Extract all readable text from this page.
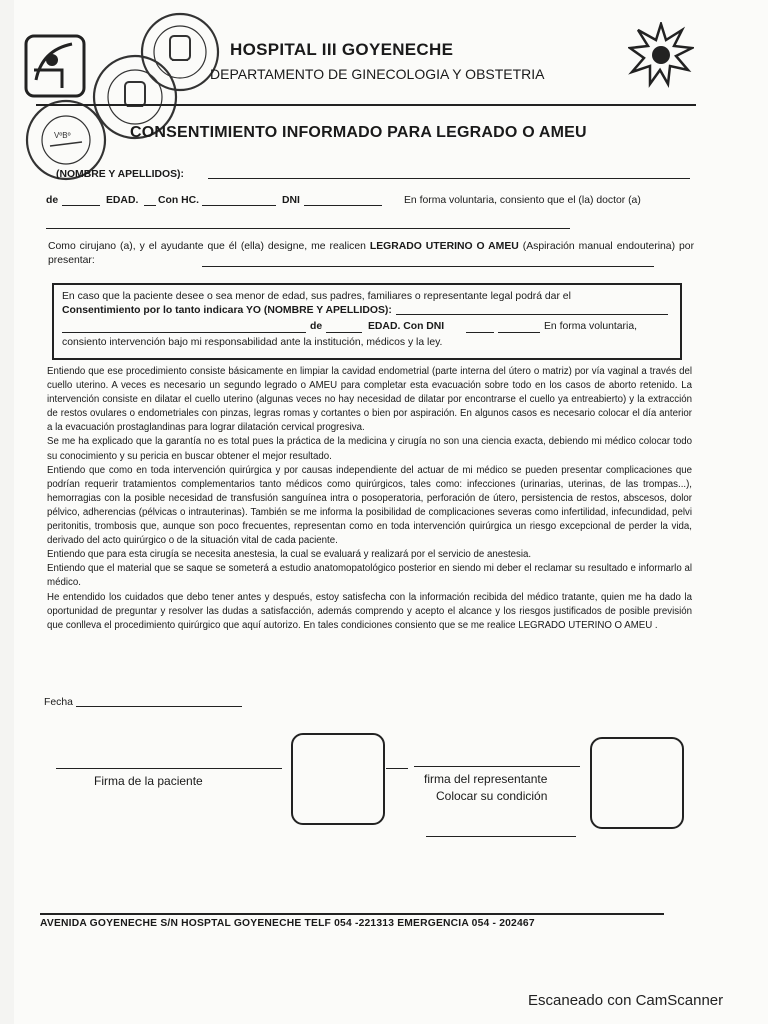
VºBº
HOSPITAL III GOYENECHE
DEPARTAMENTO DE GINECOLOGIA Y OBSTETRIA
CONSENTIMIENTO INFORMADO PARA LEGRADO O AMEU
(NOMBRE Y APELLIDOS):
de	EDAD. Con HC.	DNI	En forma voluntaria, consiento que el (la) doctor (a)
Como cirujano (a), y el ayudante que él (ella) designe, me realicen LEGRADO UTERINO O AMEU (Aspiración manual endouterina) por presentar:
En caso que la paciente desee o sea menor de edad, sus padres, familiares o representante legal podrá dar el
Consentimiento por lo tanto indicara YO (NOMBRE Y APELLIDOS):
de	EDAD. Con DNI	En forma voluntaria,
consiento intervención bajo mi responsabilidad ante la institución, médicos y la ley.

Entiendo que ese procedimiento consiste básicamente en limpiar la cavidad endometrial (parte interna del útero o matriz) por vía vaginal a través del cuello uterino. A veces es necesario un segundo legrado o AMEU para completar esta evacuación sobre todo en los casos de aborto retenido. La intervención consiste en dilatar el cuello uterino (algunas veces no hay necesidad de dilatar por encontrarse el cuello ya entreabierto) y la extracción de restos ovulares o endometriales con pinzas, legras romas y cortantes o bien por aspiración. En algunos casos es necesario colocar el día anterior a la evacuación prostaglandinas para lograr dilatación cervical progresiva.

Se me ha explicado que la garantía no es total pues la práctica de la medicina y cirugía no son una ciencia exacta, debiendo mi médico colocar todo su conocimiento y su pericia en buscar obtener el mejor resultado.

Entiendo que como en toda intervención quirúrgica y por causas independiente del actuar de mi médico se pueden presentar complicaciones que podrían requerir tratamientos complementarios tanto médicos como quirúrgicos, tales como: infecciones (urinarias, uterinas, de las trompas...), hemorragias con la posible necesidad de transfusión sanguínea intra o posoperatoria, perforación de útero, persistencia de restos, abscesos, dolor pélvico, adherencias (pélvicas o intrauterinas). También se me informa la posibilidad de complicaciones severas como infertilidad, infecundidad, pelvi peritonitis, trombosis que, aunque son poco frecuentes, representan como en toda intervención quirúrgica un riesgo excepcional de perder la vida, derivado del acto quirúrgico o de la situación vital de cada paciente.

Entiendo que para esta cirugía se necesita anestesia, la cual se evaluará y realizará por el servicio de anestesia.

Entiendo que el material que se saque se someterá a estudio anatomopatológico posterior en siendo mi deber el reclamar su resultado e informarlo al médico.

He entendido los cuidados que debo tener antes y después, estoy satisfecha con la información recibida del médico tratante, quien me ha dado la oportunidad de preguntar y resolver las dudas a satisfacción, además comprendo y acepto el alcance y los riesgos justificados de posible previsión que conlleva el procedimiento quirúrgico que aquí autorizo. En tales condiciones consiento que se me realice LEGRADO UTERINO O AMEU .

Fecha
Firma de la paciente	firma del representante
Colocar su condición
AVENIDA GOYENECHE S/N HOSPTAL GOYENECHE TELF 054 -221313 EMERGENCIA 054 - 202467
Escaneado con CamScanner
